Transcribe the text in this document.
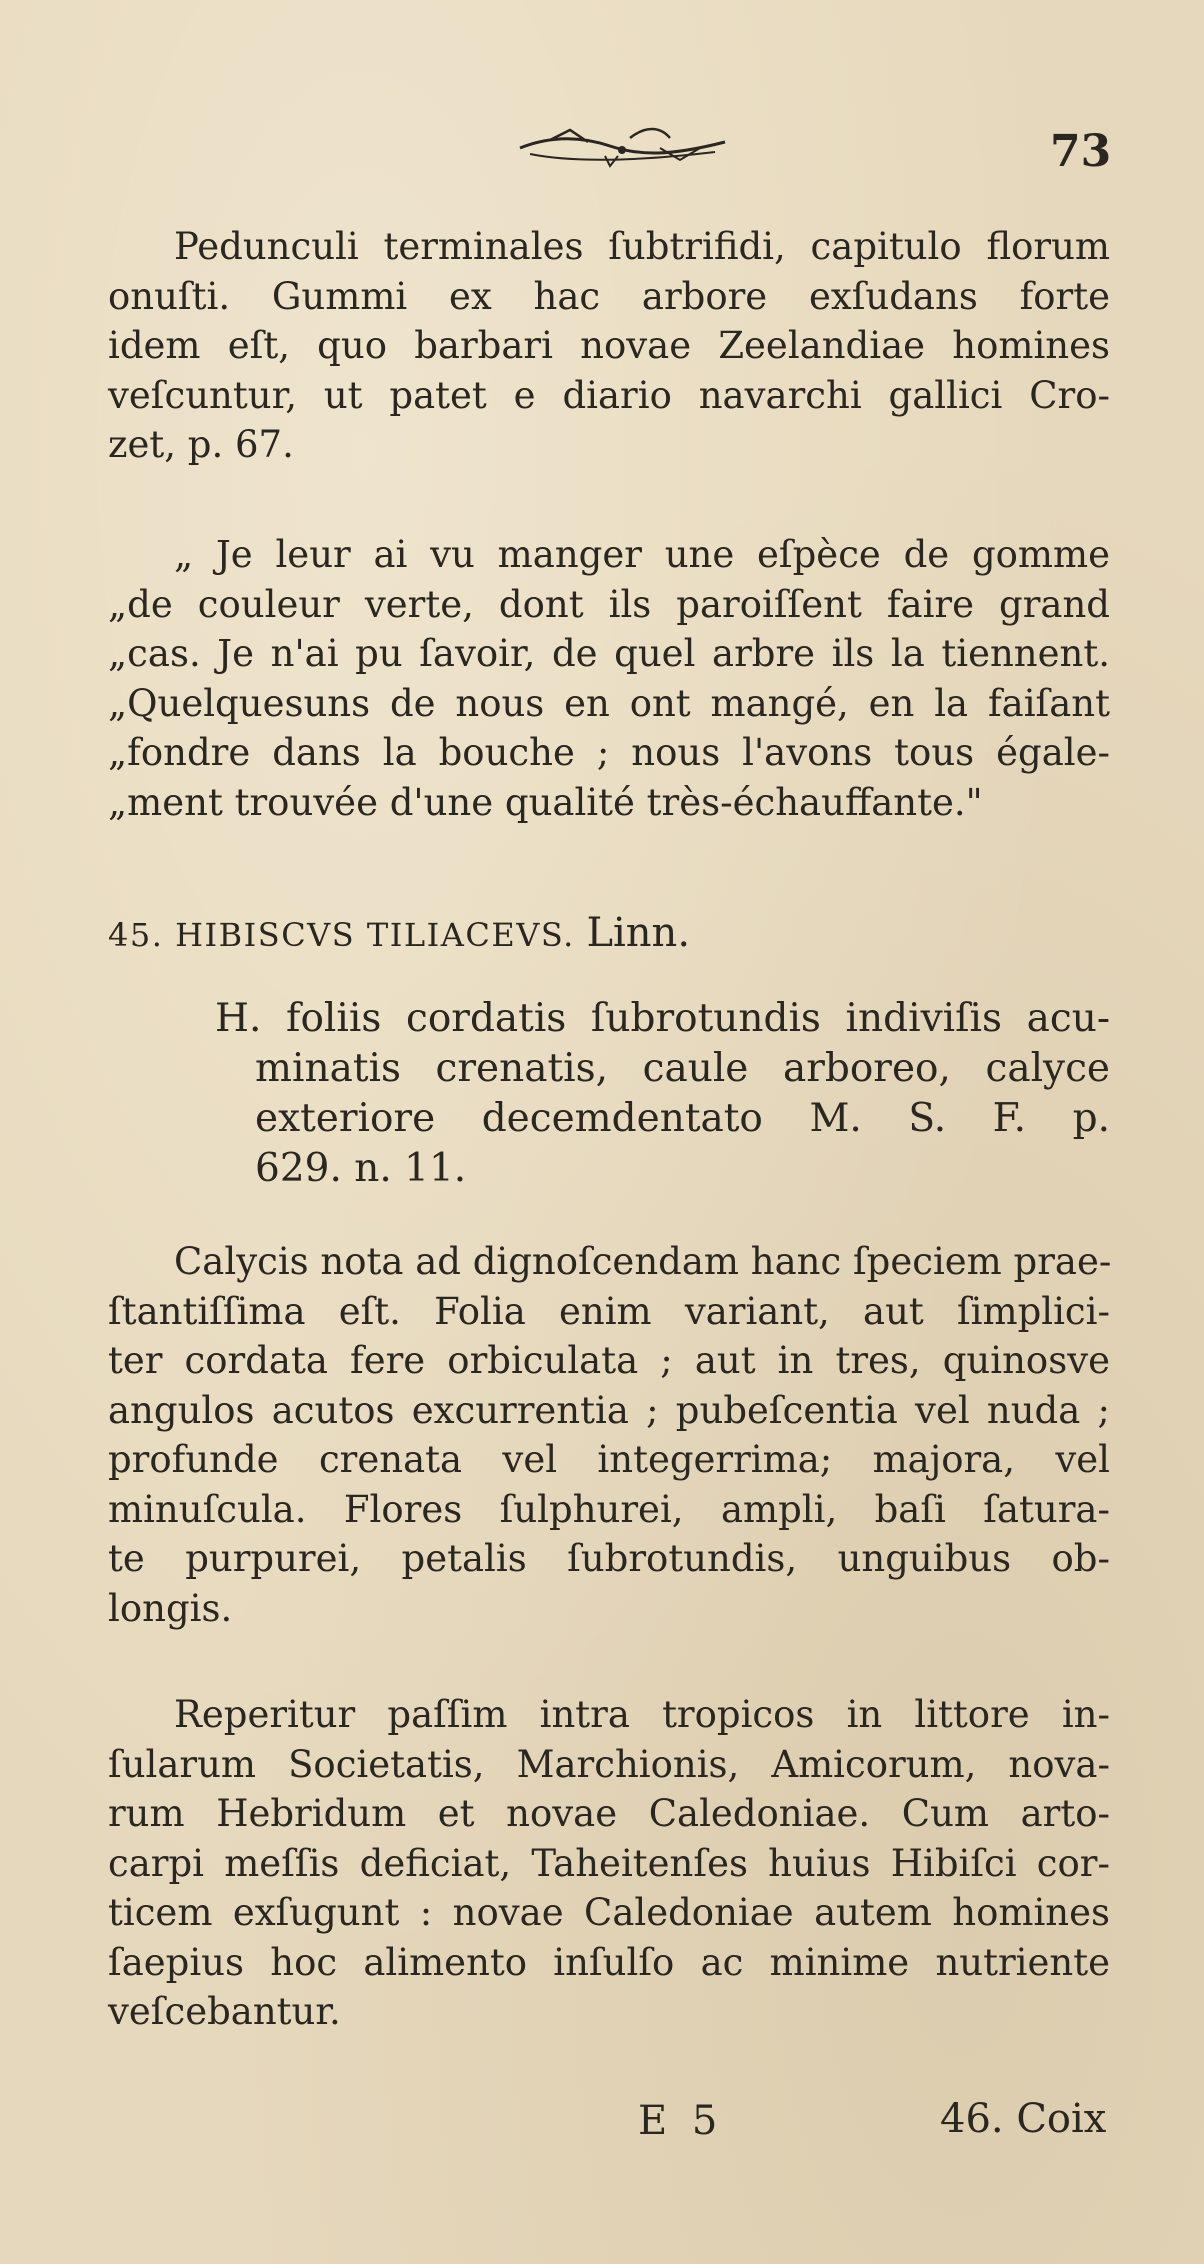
73

Pedunculi terminales ſubtrifidi, capitulo florum
onuſti. Gummi ex hac arbore exſudans forte
idem eſt, quo barbari novae Zeelandiae homines
veſcuntur, ut patet e diario navarchi gallici Cro-
zet, p. 67.

„ Je leur ai vu manger une eſpèce de gomme
„de couleur verte, dont ils paroiſſent faire grand
„cas. Je n'ai pu ſavoir, de quel arbre ils la tiennent.
„Quelquesuns de nous en ont mangé, en la faiſant
„fondre dans la bouche ; nous l'avons tous égale-
„ment trouvée d'une qualité très-échauffante."

45. HIBISCVS TILIACEVS. Linn.

H. foliis cordatis ſubrotundis indiviſis acu-
minatis crenatis, caule arboreo, calyce
exteriore decemdentato M. S. F. p.
629. n. 11.

Calycis nota ad dignoſcendam hanc ſpeciem prae-
ſtantiſſima eſt. Folia enim variant, aut ſimplici-
ter cordata fere orbiculata ; aut in tres, quinosve
angulos acutos excurrentia ; pubeſcentia vel nuda ;
profunde crenata vel integerrima; majora, vel
minuſcula. Flores ſulphurei, ampli, baſi ſatura-
te purpurei, petalis ſubrotundis, unguibus ob-
longis.

Reperitur paſſim intra tropicos in littore in-
ſularum Societatis, Marchionis, Amicorum, nova-
rum Hebridum et novae Caledoniae. Cum arto-
carpi meſſis deficiat, Taheitenſes huius Hibiſci cor-
ticem exſugunt : novae Caledoniae autem homines
ſaepius hoc alimento inſulſo ac minime nutriente
veſcebantur.

E 5	46. Coix
